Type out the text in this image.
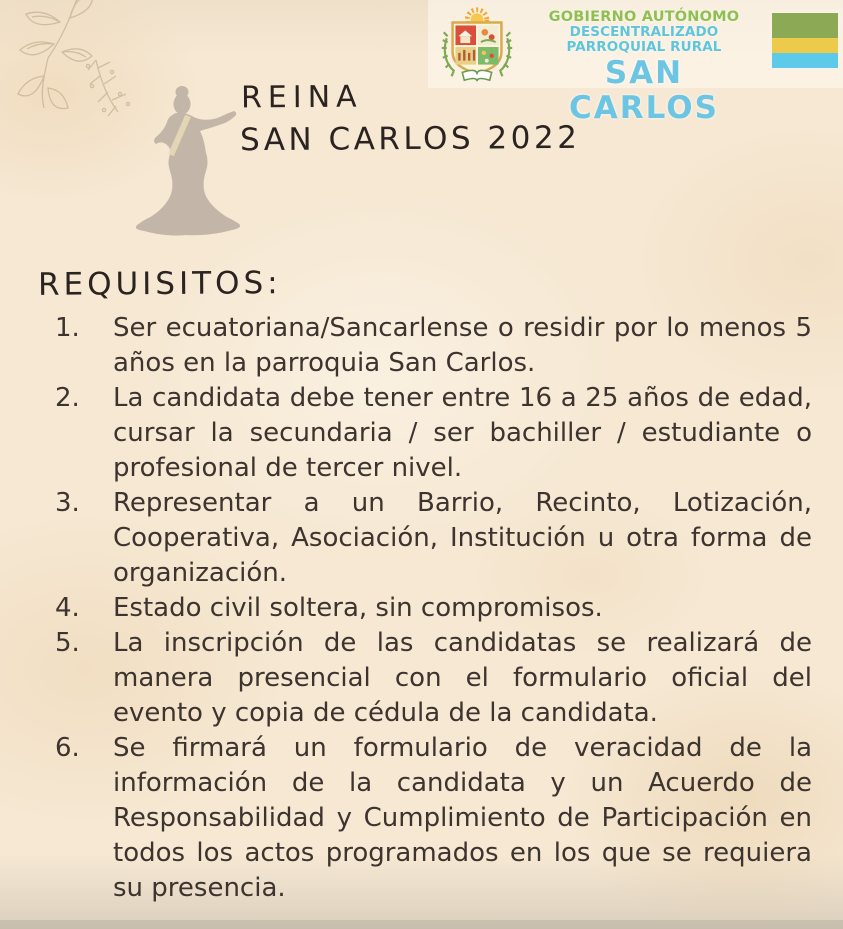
GOBIERNO AUTÓNOMO
DESCENTRALIZADO PARROQUIAL RURAL
SAN CARLOS
REINA
SAN CARLOS 2022
REQUISITOS:
1.	Ser ecuatoriana/Sancarlense o residir por lo menos 5 años en la parroquia San Carlos.
2.	La candidata debe tener entre 16 a 25 años de edad, cursar la secundaria / ser bachiller / estudiante o profesional de tercer nivel.
3.	Representar a un Barrio, Recinto, Lotización, Cooperativa, Asociación, Institución u otra forma de organización.
4.	Estado civil soltera, sin compromisos.
5.	La inscripción de las candidatas se realizará de manera presencial con el formulario oficial del evento y copia de cédula de la candidata.
6.	Se firmará un formulario de veracidad de la información de la candidata y un Acuerdo de Responsabilidad y Cumplimiento de Participación en todos los actos programados en los que se requiera su presencia.
